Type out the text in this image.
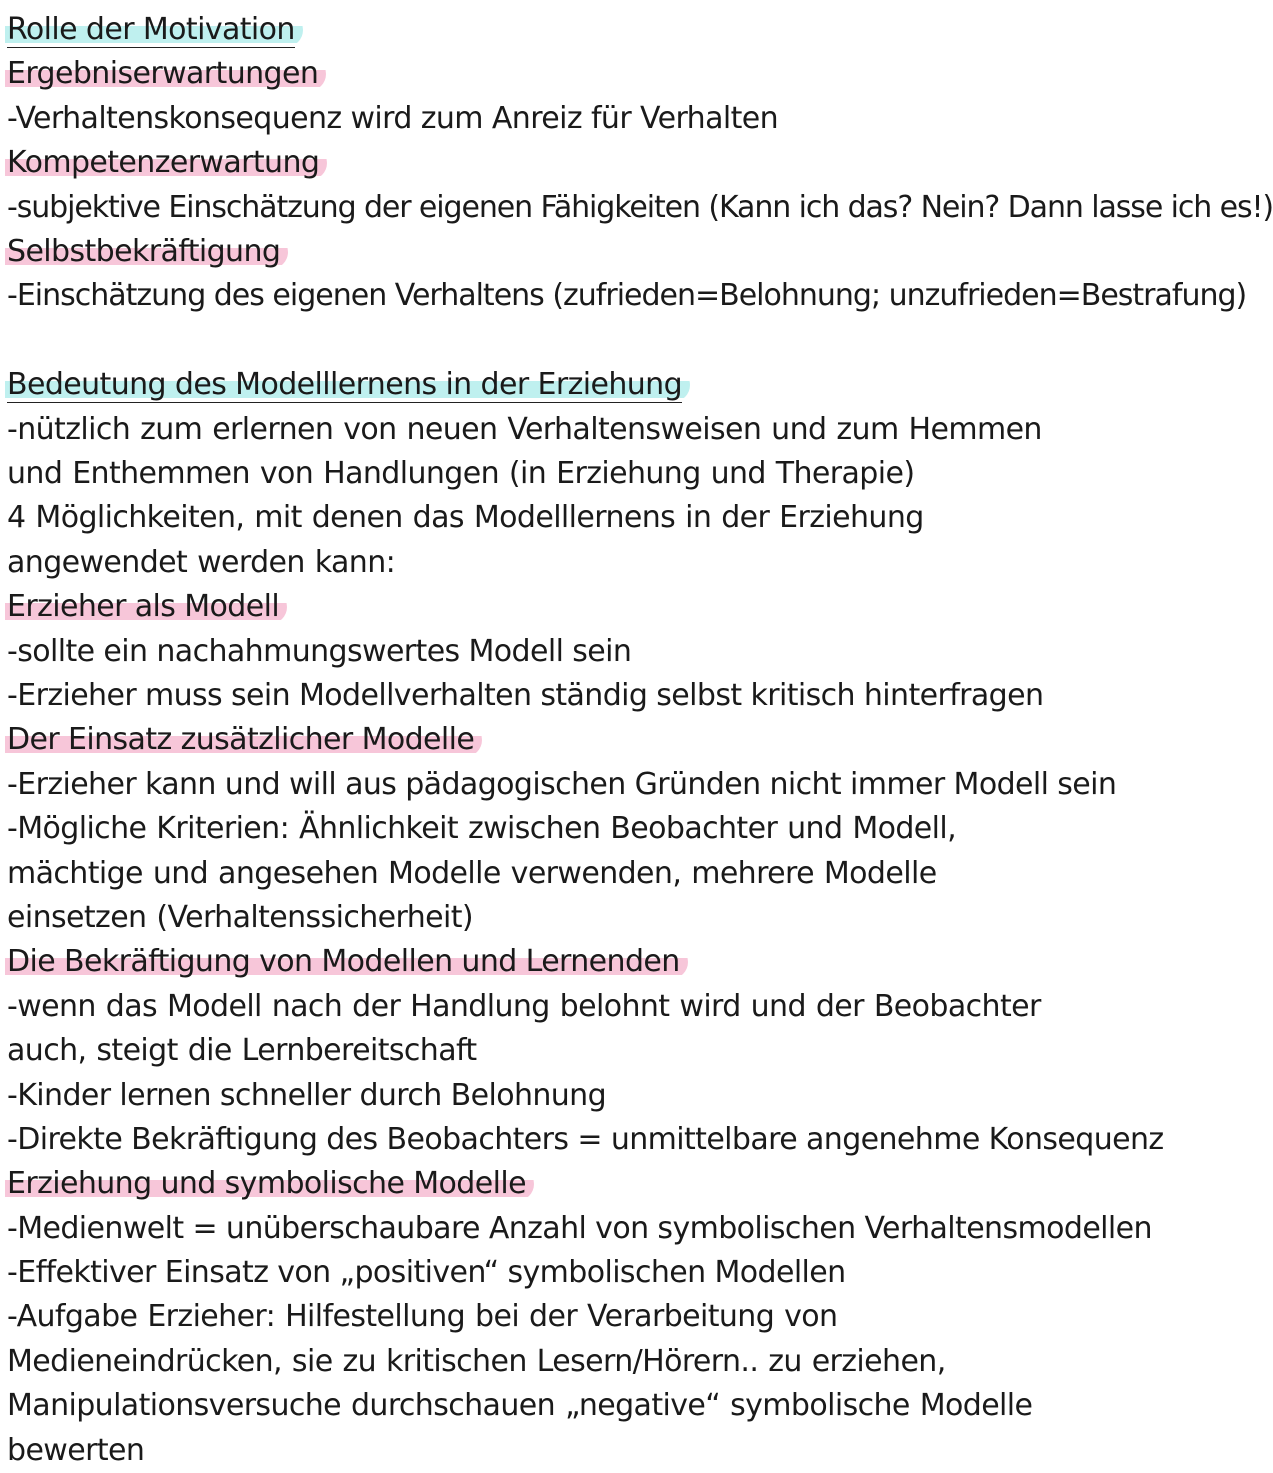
Rolle der Motivation
Ergebniserwartungen
-Verhaltenskonsequenz wird zum Anreiz für Verhalten
Kompetenzerwartung
-subjektive Einschätzung der eigenen Fähigkeiten (Kann ich das? Nein? Dann lasse ich es!)
Selbstbekräftigung
-Einschätzung des eigenen Verhaltens (zufrieden=Belohnung; unzufrieden=Bestrafung)
Bedeutung des Modelllernens in der Erziehung
-nützlich zum erlernen von neuen Verhaltensweisen und zum Hemmen und Enthemmen von Handlungen (in Erziehung und Therapie)
4 Möglichkeiten, mit denen das Modelllernens in der Erziehung angewendet werden kann:
Erzieher als Modell
-sollte ein nachahmungswertes Modell sein
-Erzieher muss sein Modellverhalten ständig selbst kritisch hinterfragen
Der Einsatz zusätzlicher Modelle
-Erzieher kann und will aus pädagogischen Gründen nicht immer Modell sein
-Mögliche Kriterien: Ähnlichkeit zwischen Beobachter und Modell, mächtige und angesehen Modelle verwenden, mehrere Modelle einsetzen (Verhaltenssicherheit)
Die Bekräftigung von Modellen und Lernenden
-wenn das Modell nach der Handlung belohnt wird und der Beobachter auch, steigt die Lernbereitschaft
-Kinder lernen schneller durch Belohnung
-Direkte Bekräftigung des Beobachters = unmittelbare angenehme Konsequenz
Erziehung und symbolische Modelle
-Medienwelt = unüberschaubare Anzahl von symbolischen Verhaltensmodellen
-Effektiver Einsatz von „positiven“ symbolischen Modellen
-Aufgabe Erzieher: Hilfestellung bei der Verarbeitung von Medieneindrücken, sie zu kritischen Lesern/Hörern.. zu erziehen, Manipulationsversuche durchschauen „negative“ symbolische Modelle bewerten
